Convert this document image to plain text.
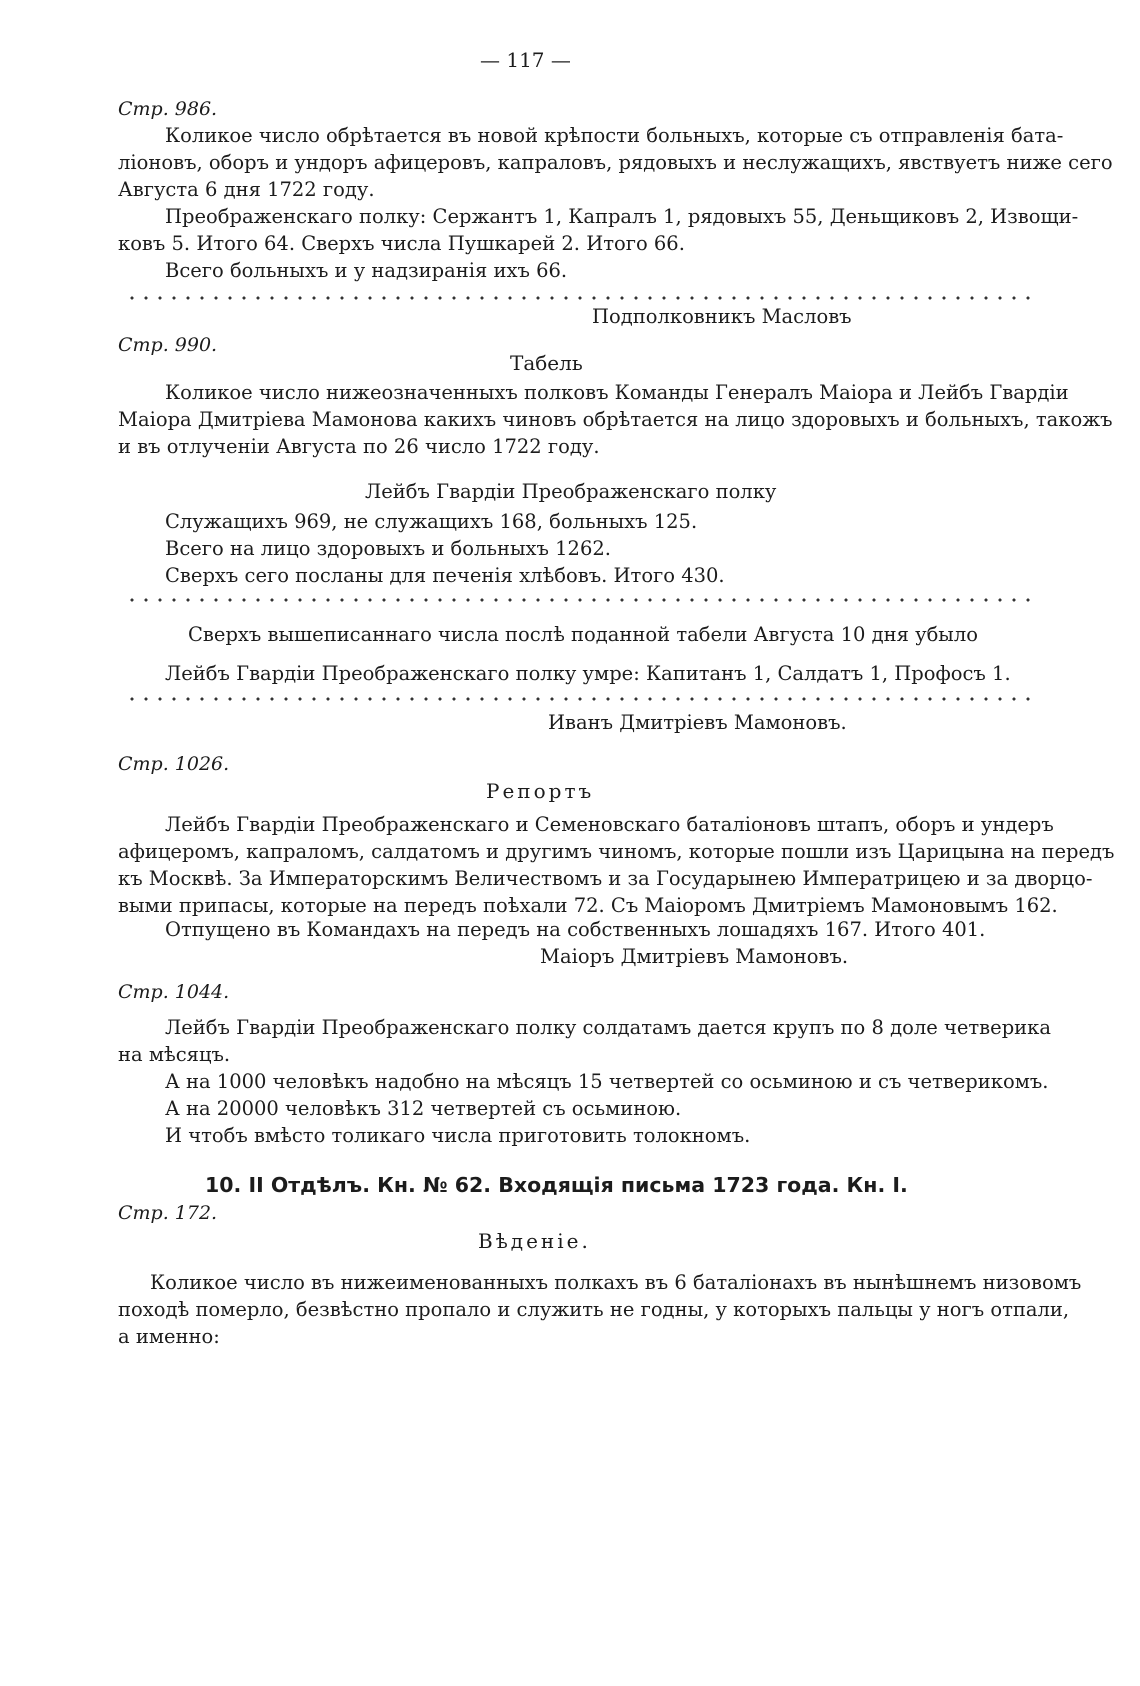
— 117 —
Стр. 986.
Коликое число обрѣтается въ новой крѣпости больныхъ, которые съ отправленія бата-
ліоновъ, оборъ и ундоръ афицеровъ, капраловъ, рядовыхъ и неслужащихъ, явствуетъ ниже сего
Августа 6 дня 1722 году.
Преображенскаго полку: Сержантъ 1, Капралъ 1, рядовыхъ 55, Деньщиковъ 2, Извощи-
ковъ 5. Итого 64. Сверхъ числа Пушкарей 2. Итого 66.
Всего больныхъ и у надзиранія ихъ 66.
Подполковникъ Масловъ
Стр. 990.
Табель
Коликое число нижеозначенныхъ полковъ Команды Генералъ Маіора и Лейбъ Гвардіи
Маіора Дмитріева Мамонова какихъ чиновъ обрѣтается на лицо здоровыхъ и больныхъ, такожъ
и въ отлученіи Августа по 26 число 1722 году.
Лейбъ Гвардіи Преображенскаго полку
Служащихъ 969, не служащихъ 168, больныхъ 125.
Всего на лицо здоровыхъ и больныхъ 1262.
Сверхъ сего посланы для печенія хлѣбовъ. Итого 430.
Сверхъ вышеписаннаго числа послѣ поданной табели Августа 10 дня убыло
Лейбъ Гвардіи Преображенскаго полку умре: Капитанъ 1, Салдатъ 1, Профосъ 1.
Иванъ Дмитріевъ Мамоновъ.
Стр. 1026.
Репортъ
Лейбъ Гвардіи Преображенскаго и Семеновскаго баталіоновъ штапъ, оборъ и ундеръ
афицеромъ, капраломъ, салдатомъ и другимъ чиномъ, которые пошли изъ Царицына на передъ
къ Москвѣ. За Императорскимъ Величествомъ и за Государынею Императрицею и за дворцо-
выми припасы, которые на передъ поѣхали 72. Съ Маіоромъ Дмитріемъ Мамоновымъ 162.
Отпущено въ Командахъ на передъ на собственныхъ лошадяхъ 167. Итого 401.
Маіоръ Дмитріевъ Мамоновъ.
Стр. 1044.
Лейбъ Гвардіи Преображенскаго полку солдатамъ дается крупъ по 8 доле четверика
на мѣсяцъ.
А на 1000 человѣкъ надобно на мѣсяцъ 15 четвертей со осьминою и съ четверикомъ.
А на 20000 человѣкъ 312 четвертей съ осьминою.
И чтобъ вмѣсто толикаго числа приготовить толокномъ.
10. II Отдѣлъ. Кн. № 62. Входящія письма 1723 года. Кн. I.
Стр. 172.
Вѣденіе.
Коликое число въ нижеименованныхъ полкахъ въ 6 баталіонахъ въ нынѣшнемъ низовомъ
походѣ померло, безвѣстно пропало и служить не годны, у которыхъ пальцы у ногъ отпали,
а именно:
